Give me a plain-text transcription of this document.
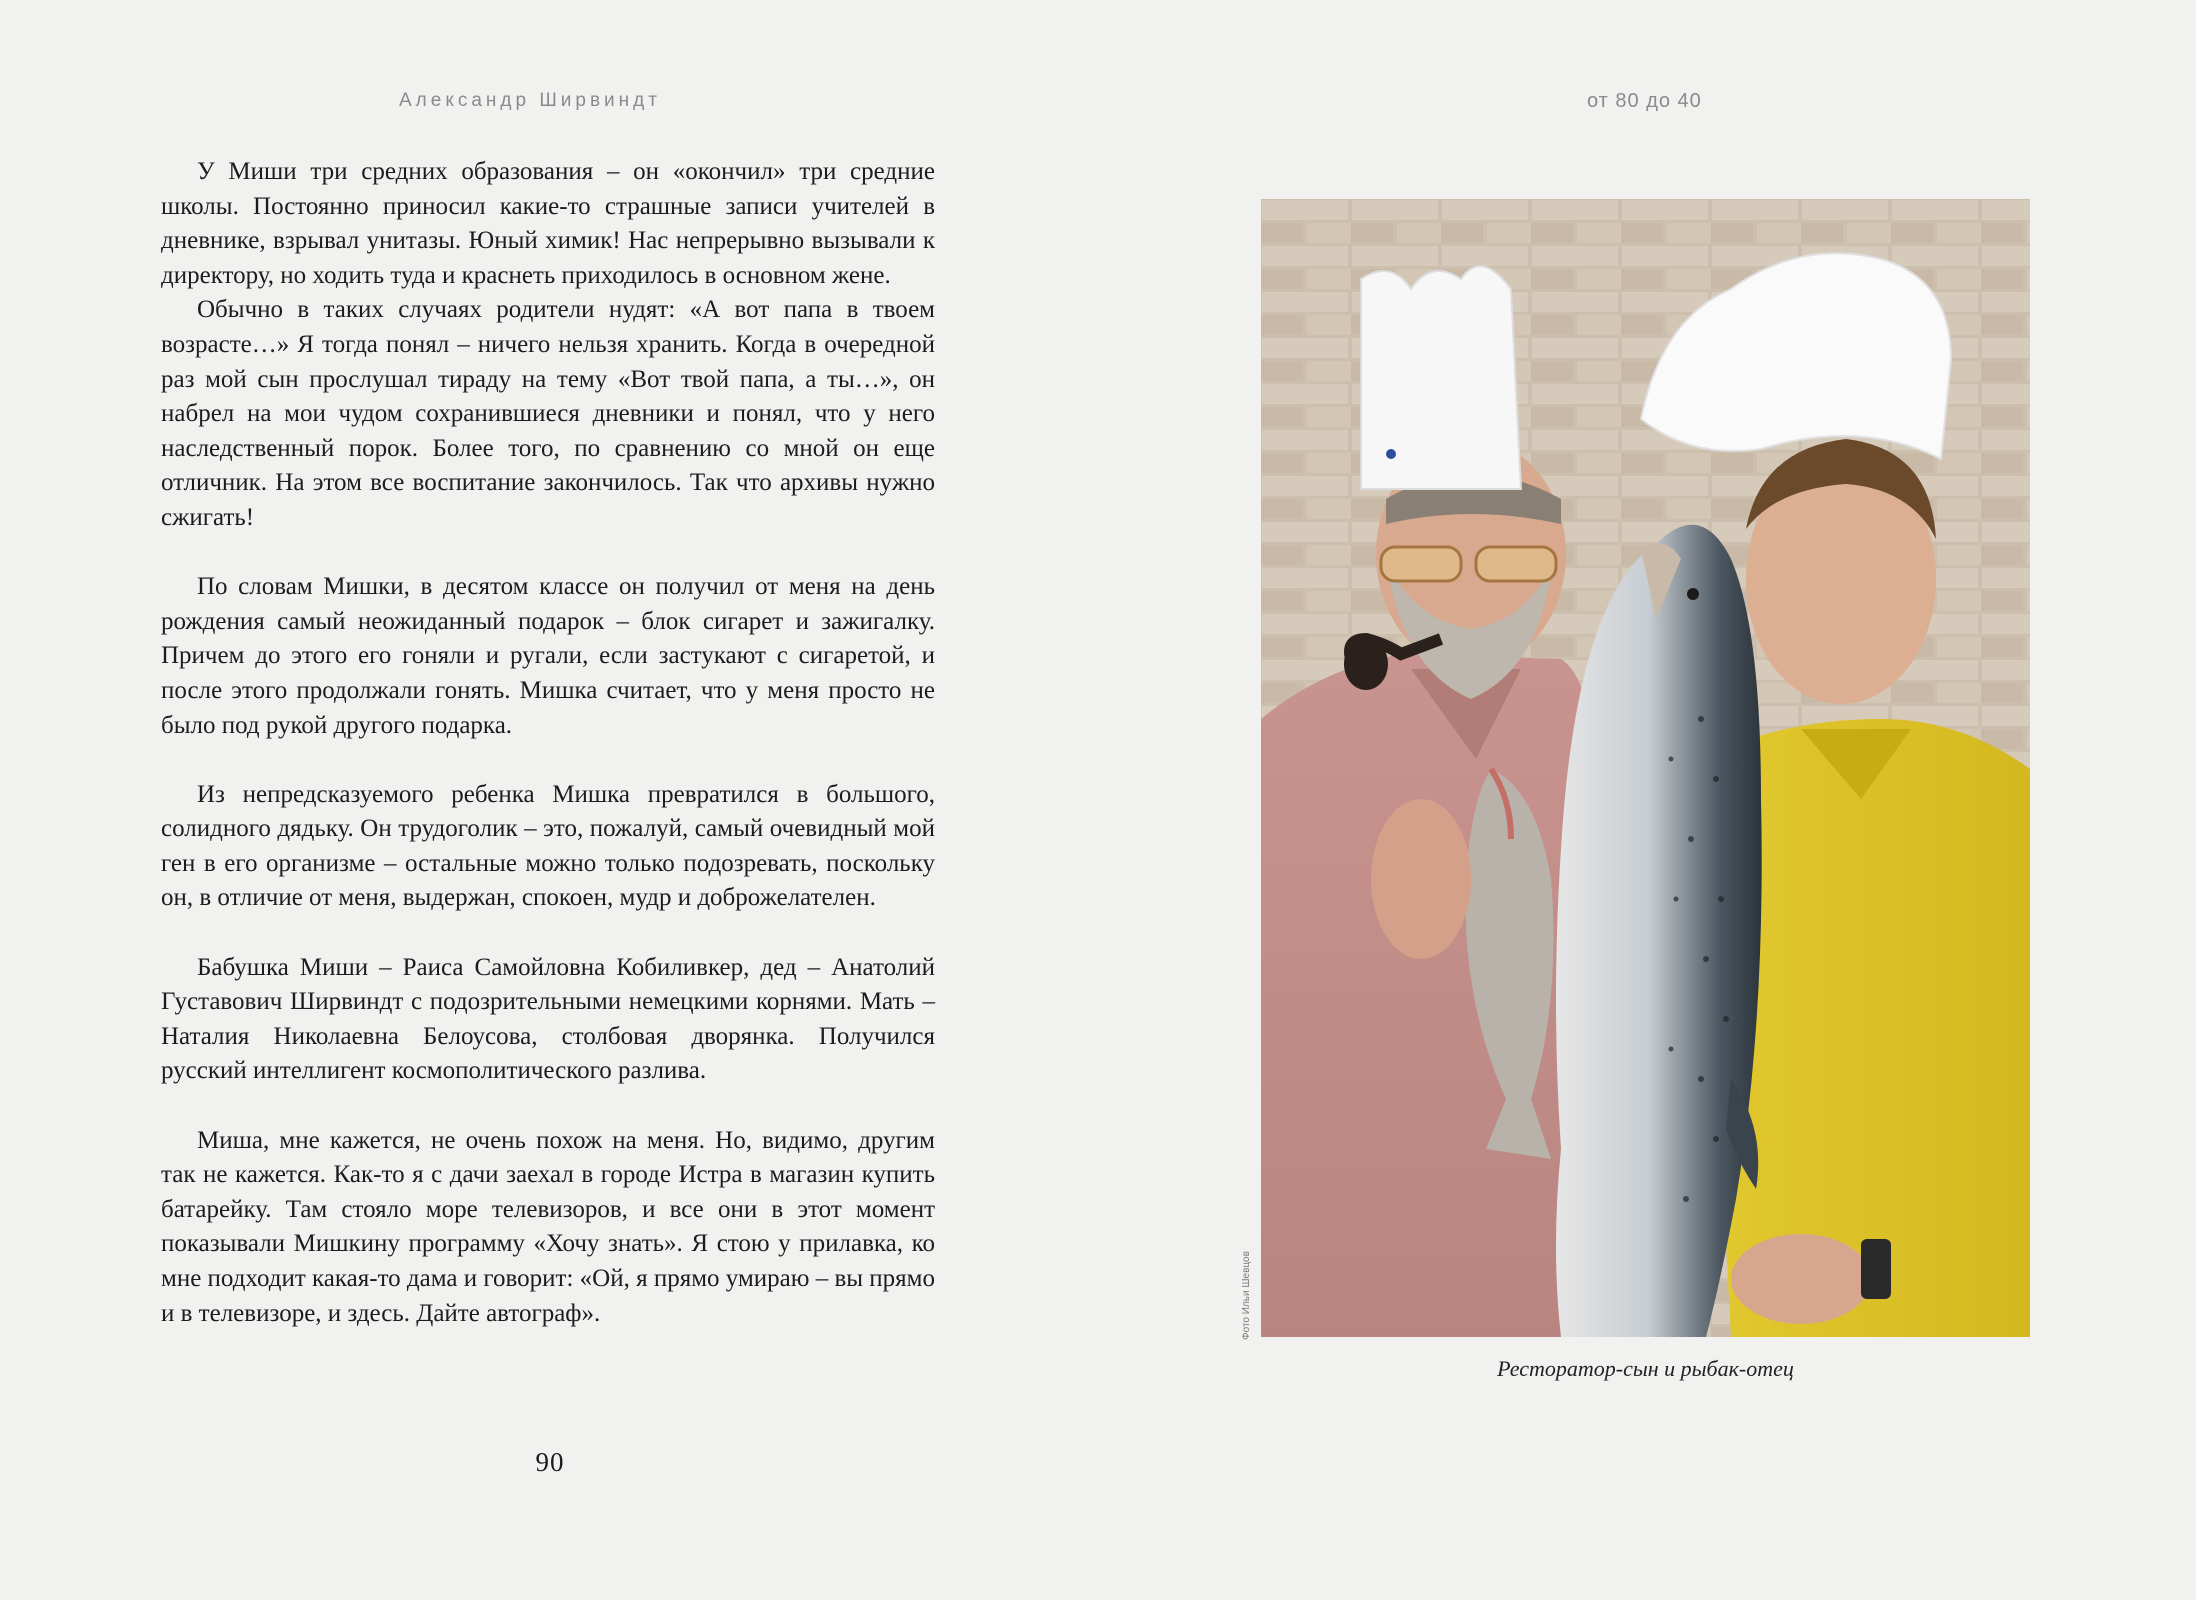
Александр Ширвиндт

У Миши три средних образования – он «окончил» три средние школы. Постоянно приносил какие-то страшные записи учителей в дневнике, взрывал унитазы. Юный химик! Нас непрерывно вызывали к директору, но ходить туда и краснеть приходилось в основном жене.

Обычно в таких случаях родители нудят: «А вот папа в твоем возрасте…» Я тогда понял – ничего нельзя хранить. Когда в очередной раз мой сын прослушал тираду на тему «Вот твой папа, а ты…», он набрел на мои чудом сохранившиеся дневники и понял, что у него наследственный порок. Более того, по сравнению со мной он еще отличник. На этом все воспитание закончилось. Так что архивы нужно сжигать!

По словам Мишки, в десятом классе он получил от меня на день рождения самый неожиданный подарок – блок сигарет и зажигалку. Причем до этого его гоняли и ругали, если застукают с сигаретой, и после этого продолжали гонять. Мишка считает, что у меня просто не было под рукой другого подарка.

Из непредсказуемого ребенка Мишка превратился в большого, солидного дядьку. Он трудоголик – это, пожалуй, самый очевидный мой ген в его организме – остальные можно только подозревать, поскольку он, в отличие от меня, выдержан, спокоен, мудр и доброжелателен.

Бабушка Миши – Раиса Самойловна Кобиливкер, дед – Анатолий Густавович Ширвиндт с подозрительными немецкими корнями. Мать – Наталия Николаевна Белоусова, столбовая дворянка. Получился русский интеллигент космополитического разлива.

Миша, мне кажется, не очень похож на меня. Но, видимо, другим так не кажется. Как-то я с дачи заехал в городе Истра в магазин купить батарейку. Там стояло море телевизоров, и все они в этот момент показывали Мишкину программу «Хочу знать». Я стою у прилавка, ко мне подходит какая-то дама и говорит: «Ой, я прямо умираю – вы прямо и в телевизоре, и здесь. Дайте автограф».

90
от 80 до 40
Фото Ильи Шевцов
Ресторатор-сын и рыбак-отец
